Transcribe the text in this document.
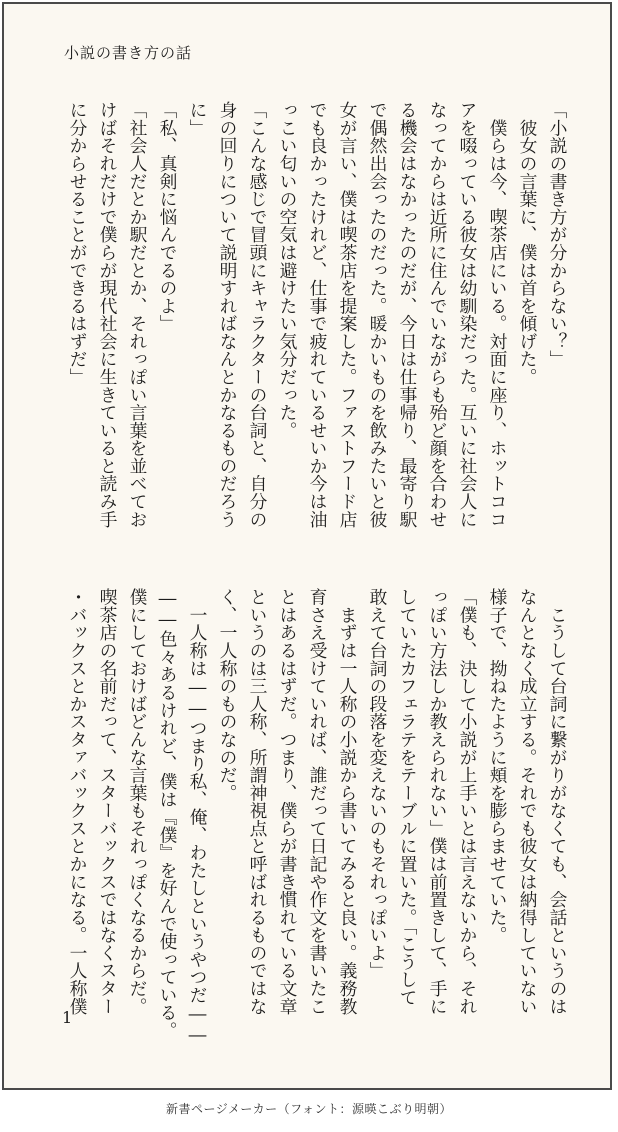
小説の書き方の話
「小説の書き方が分からない？」
　彼女の言葉に、僕は首を傾げた。
　僕らは今、喫茶店にいる。対面に座り、ホットココ
アを啜っている彼女は幼馴染だった。互いに社会人に
なってからは近所に住んでいながらも殆ど顔を合わせ
る機会はなかったのだが、今日は仕事帰り、最寄り駅
で偶然出会ったのだった。暖かいものを飲みたいと彼
女が言い、僕は喫茶店を提案した。ファストフード店
でも良かったけれど、仕事で疲れているせいか今は油
っこい匂いの空気は避けたい気分だった。
「こんな感じで冒頭にキャラクターの台詞と、自分の
身の回りについて説明すればなんとかなるものだろう
に」
「私、真剣に悩んでるのよ」
「社会人だとか駅だとか、それっぽい言葉を並べてお
けばそれだけで僕らが現代社会に生きていると読み手
に分からせることができるはずだ」
　こうして台詞に繋がりがなくても、会話というのは
なんとなく成立する。それでも彼女は納得していない
様子で、拗ねたように頬を膨らませていた。
「僕も、決して小説が上手いとは言えないから、それ
っぽい方法しか教えられない」僕は前置きして、手に
していたカフェラテをテーブルに置いた。「こうして
敢えて台詞の段落を変えないのもそれっぽいよ」
　まずは一人称の小説から書いてみると良い。義務教
育さえ受けていれば、誰だって日記や作文を書いたこ
とはあるはずだ。つまり、僕らが書き慣れている文章
というのは三人称、所謂神視点と呼ばれるものではな
く、一人称のものなのだ。
　一人称は――つまり私、俺、わたしというやつだ――
――色々あるけれど、僕は『僕』を好んで使っている。
僕にしておけばどんな言葉もそれっぽくなるからだ。
喫茶店の名前だって、スターバックスではなくスター
・バックスとかスタァバックスとかになる。一人称僕
1
新書ページメーカー（フォント：源暎こぶり明朝）
